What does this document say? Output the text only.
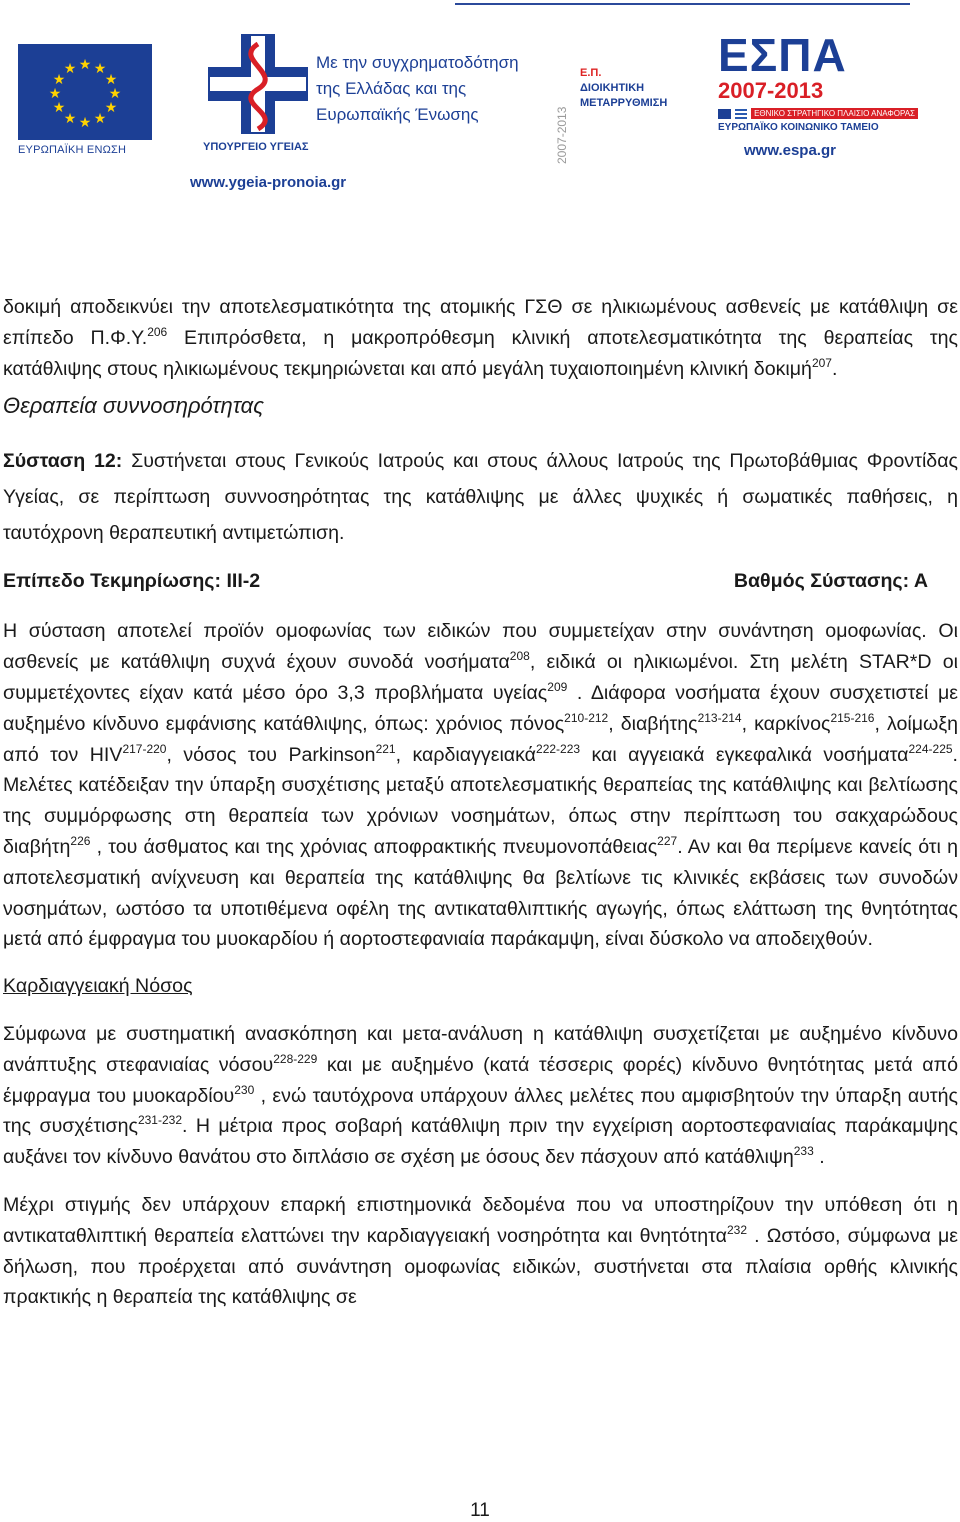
★ ★
★
★
★
★
★
★
★
★
★
★
ΕΥΡΩΠΑΪΚΗ ΕΝΩΣΗ	ΥΠΟΥΡΓΕΙΟ ΥΓΕΙΑΣ
Με την συγχρηματοδότηση
της Ελλάδας και της
Ευρωπαϊκής Ένωσης
www.ygeia-pronoia.gr
2007-2013
Ε.Π.
ΔΙΟΙΚΗΤΙΚΗ
ΜΕΤΑΡΡΥΘΜΙΣΗ
ΕΣΠΑ
2007-2013
ΕΘΝΙΚΟ ΣΤΡΑΤΗΓΙΚΟ ΠΛΑΙΣΙΟ ΑΝΑΦΟΡΑΣ
ΕΥΡΩΠΑΪΚΟ ΚΟΙΝΩΝΙΚΟ ΤΑΜΕΙΟ
www.espa.gr

δοκιμή αποδεικνύει την αποτελεσματικότητα της ατομικής ΓΣΘ σε ηλικιωμένους ασθενείς με κατάθλιψη σε επίπεδο Π.Φ.Υ.$^{206}$ Επιπρόσθετα, η μακροπρόθεσμη κλινική αποτελεσματικότητα της θεραπείας της κατάθλιψης στους ηλικιωμένους τεκμηριώνεται και από μεγάλη τυχαιοποιημένη κλινική δοκιμή$^{207}$.

Θεραπεία συννοσηρότητας

Σύσταση 12: Συστήνεται στους Γενικούς Ιατρούς και στους άλλους Ιατρούς της Πρωτοβάθμιας Φροντίδας Υγείας, σε περίπτωση συννοσηρότητας της κατάθλιψης με άλλες ψυχικές ή σωματικές παθήσεις, η ταυτόχρονη θεραπευτική αντιμετώπιση.

Επίπεδο Τεκμηρίωσης: ΙΙΙ-2	Βαθμός Σύστασης: Α

Η σύσταση αποτελεί προϊόν ομοφωνίας των ειδικών που συμμετείχαν στην συνάντηση ομοφωνίας. Οι ασθενείς με κατάθλιψη συχνά έχουν συνοδά νοσήματα$^{208}$, ειδικά οι ηλικιωμένοι. Στη μελέτη STAR*D οι συμμετέχοντες είχαν κατά μέσο όρο 3,3 προβλήματα υγείας$^{209}$ . Διάφορα νοσήματα έχουν συσχετιστεί με αυξημένο κίνδυνο εμφάνισης κατάθλιψης, όπως: χρόνιος πόνος$^{210-212}$, διαβήτης$^{213-214}$, καρκίνος$^{215-216}$, λοίμωξη από τον HIV$^{217-220}$, νόσος του Parkinson$^{221}$, καρδιαγγειακά$^{222-223}$ και αγγειακά εγκεφαλικά νοσήματα$^{224-225}$. Μελέτες κατέδειξαν την ύπαρξη συσχέτισης μεταξύ αποτελεσματικής θεραπείας της κατάθλιψης και βελτίωσης της συμμόρφωσης στη θεραπεία των χρόνιων νοσημάτων, όπως στην περίπτωση του σακχαρώδους διαβήτη$^{226}$ , του άσθματος και της χρόνιας αποφρακτικής πνευμονοπάθειας$^{227}$. Αν και θα περίμενε κανείς ότι η αποτελεσματική ανίχνευση και θεραπεία της κατάθλιψης θα βελτίωνε τις κλινικές εκβάσεις των συνοδών νοσημάτων, ωστόσο τα υποτιθέμενα οφέλη της αντικαταθλιπτικής αγωγής, όπως ελάττωση της θνητότητας μετά από έμφραγμα του μυοκαρδίου ή αορτοστεφανιαία παράκαμψη, είναι δύσκολο να αποδειχθούν.

Καρδιαγγειακή Νόσος

Σύμφωνα με συστηματική ανασκόπηση και μετα-ανάλυση η κατάθλιψη συσχετίζεται με αυξημένο κίνδυνο ανάπτυξης στεφανιαίας νόσου$^{228-229}$ και με αυξημένο (κατά τέσσερις φορές) κίνδυνο θνητότητας μετά από έμφραγμα του μυοκαρδίου$^{230}$ , ενώ ταυτόχρονα υπάρχουν άλλες μελέτες που αμφισβητούν την ύπαρξη αυτής της συσχέτισης$^{231-232}$. Η μέτρια προς σοβαρή κατάθλιψη πριν την εγχείριση αορτοστεφανιαίας παράκαμψης αυξάνει τον κίνδυνο θανάτου στο διπλάσιο σε σχέση με όσους δεν πάσχουν από κατάθλιψη$^{233}$ .

Μέχρι στιγμής δεν υπάρχουν επαρκή επιστημονικά δεδομένα που να υποστηρίζουν την υπόθεση ότι η αντικαταθλιπτική θεραπεία ελαττώνει την καρδιαγγειακή νοσηρότητα και θνητότητα$^{232}$ . Ωστόσο, σύμφωνα με δήλωση, που προέρχεται από συνάντηση ομοφωνίας ειδικών, συστήνεται στα πλαίσια ορθής κλινικής πρακτικής η θεραπεία της κατάθλιψης σε

11
